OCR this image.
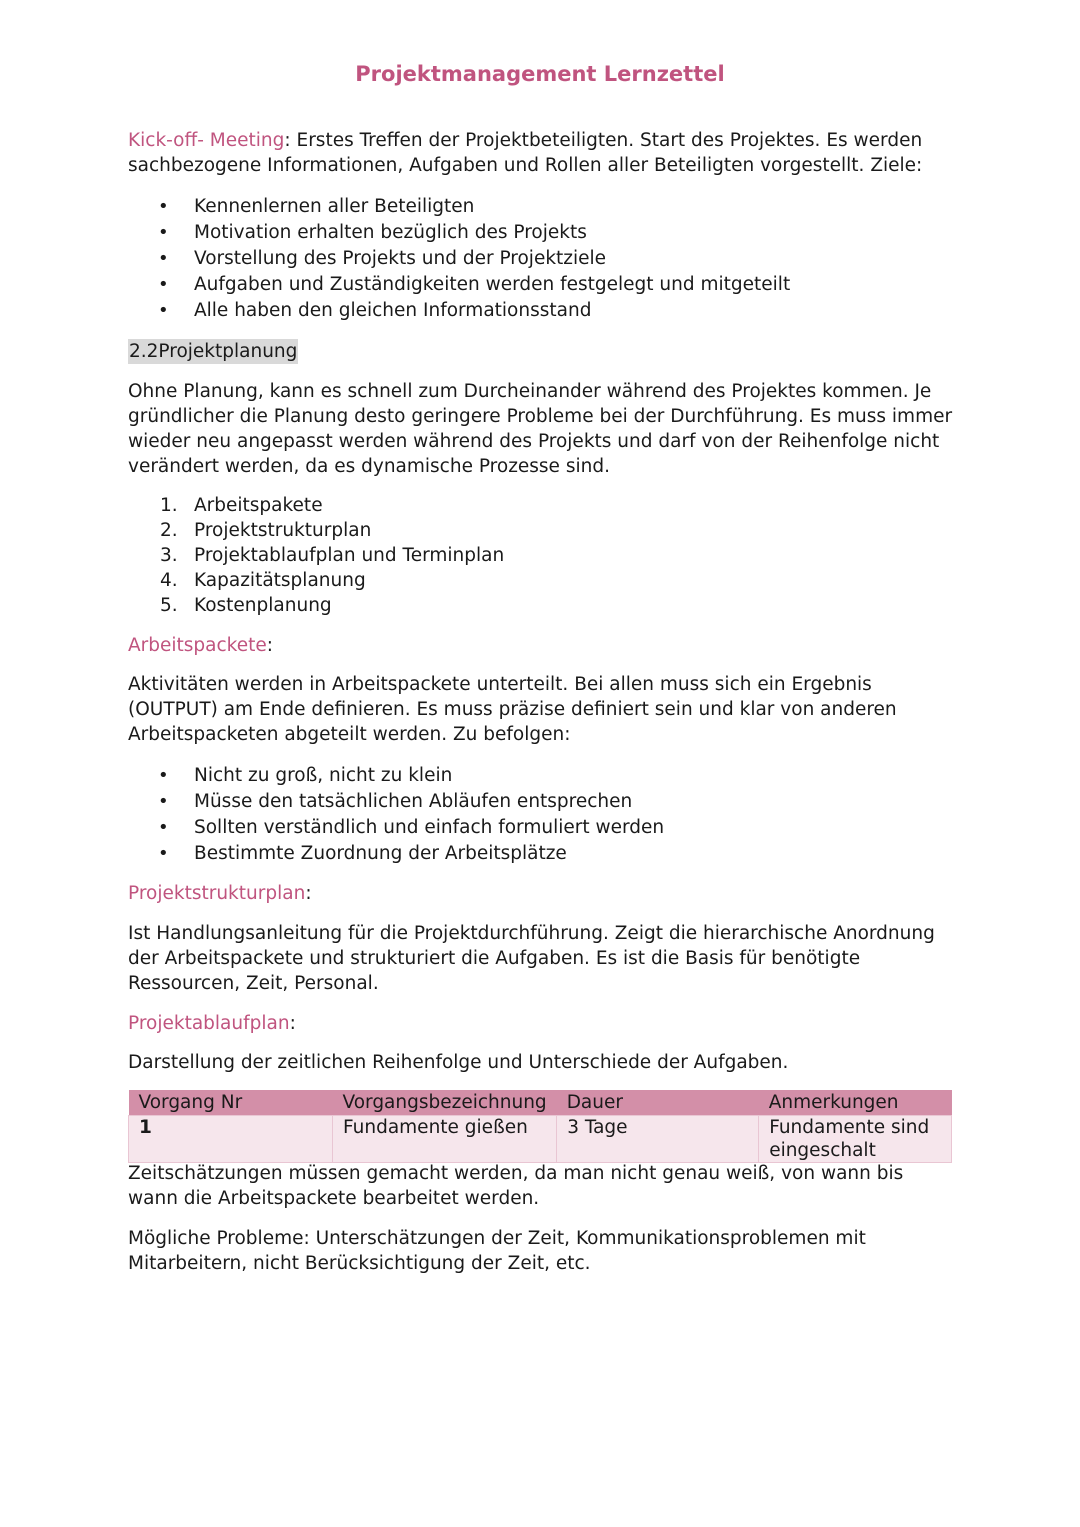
Projektmanagement Lernzettel

Kick-off- Meeting: Erstes Treffen der Projektbeteiligten. Start des Projektes. Es werden sachbezogene Informationen, Aufgaben und Rollen aller Beteiligten vorgestellt. Ziele:

• Kennenlernen aller Beteiligten
• Motivation erhalten bezüglich des Projekts
• Vorstellung des Projekts und der Projektziele
• Aufgaben und Zuständigkeiten werden festgelegt und mitgeteilt
• Alle haben den gleichen Informationsstand

2.2Projektplanung

Ohne Planung, kann es schnell zum Durcheinander während des Projektes kommen. Je gründlicher die Planung desto geringere Probleme bei der Durchführung. Es muss immer wieder neu angepasst werden während des Projekts und darf von der Reihenfolge nicht verändert werden, da es dynamische Prozesse sind.

1. Arbeitspakete
2. Projektstrukturplan
3. Projektablaufplan und Terminplan
4. Kapazitätsplanung
5. Kostenplanung

Arbeitspackete:

Aktivitäten werden in Arbeitspackete unterteilt. Bei allen muss sich ein Ergebnis (OUTPUT) am Ende definieren. Es muss präzise definiert sein und klar von anderen Arbeitspacketen abgeteilt werden. Zu befolgen:

• Nicht zu groß, nicht zu klein
• Müsse den tatsächlichen Abläufen entsprechen
• Sollten verständlich und einfach formuliert werden
• Bestimmte Zuordnung der Arbeitsplätze

Projektstrukturplan:

Ist Handlungsanleitung für die Projektdurchführung. Zeigt die hierarchische Anordnung der Arbeitspackete und strukturiert die Aufgaben. Es ist die Basis für benötigte Ressourcen, Zeit, Personal.

Projektablaufplan:

Darstellung der zeitlichen Reihenfolge und Unterschiede der Aufgaben.

Vorgang Nr	Vorgangsbezeichnung	Dauer	Anmerkungen
1	Fundamente gießen	3 Tage	Fundamente sind eingeschalt

Zeitschätzungen müssen gemacht werden, da man nicht genau weiß, von wann bis wann die Arbeitspackete bearbeitet werden.

Mögliche Probleme: Unterschätzungen der Zeit, Kommunikationsproblemen mit Mitarbeitern, nicht Berücksichtigung der Zeit, etc.
